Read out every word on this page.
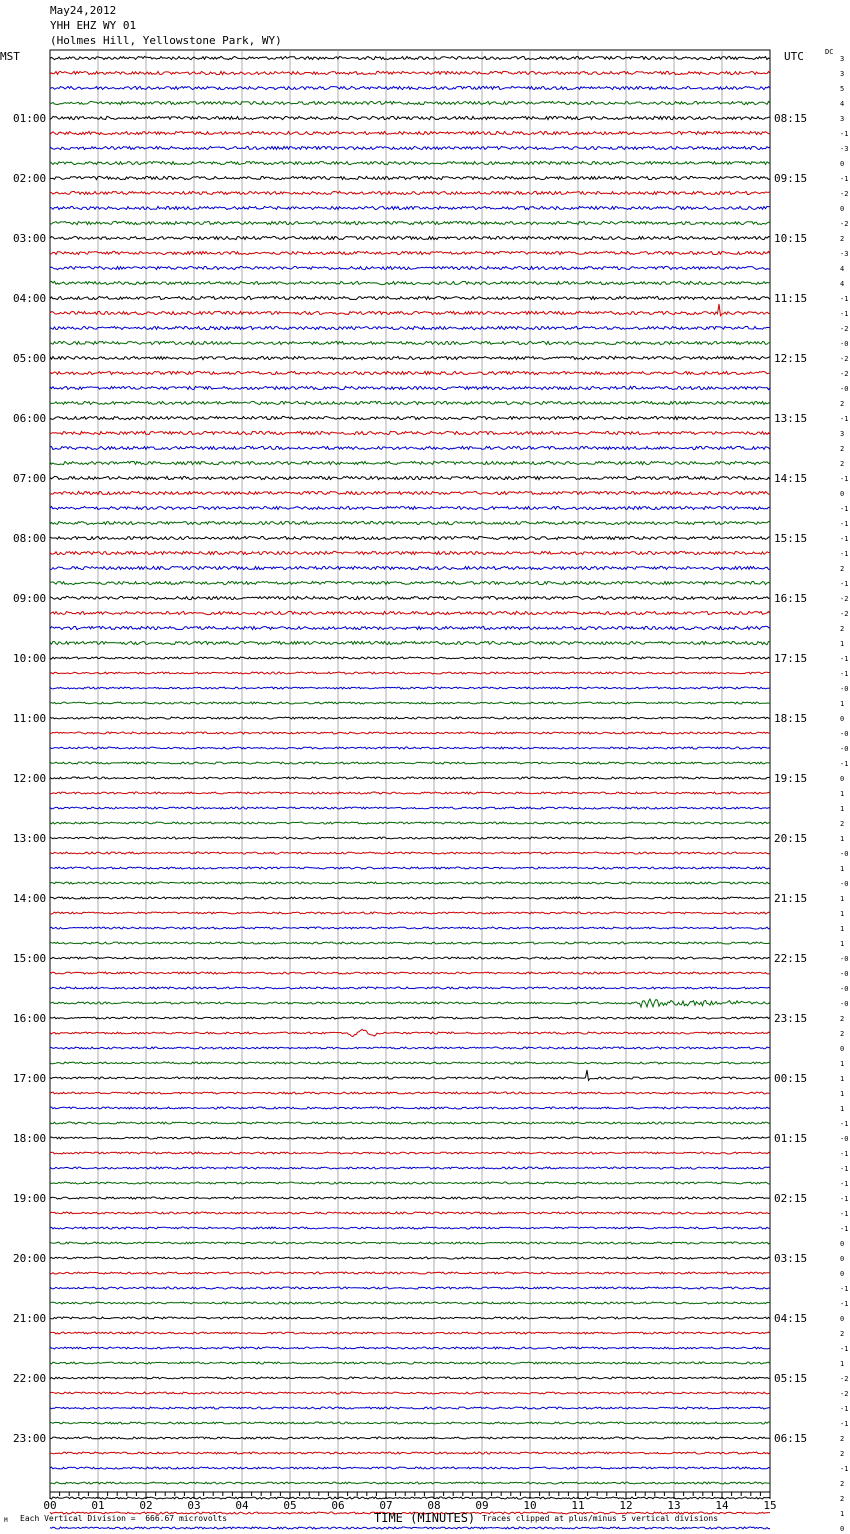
May24,2012
YHH EHZ WY 01
(Holmes Hill, Yellowstone Park, WY)
MST	UTC	DC
3
3
5
4
3
-1
-3
0
-1
-2
0
-2
2
-3
4
4
-1
-1
-2
-0
-2
-2
-0
2
-1
3
2
2
-1
0
-1
-1
-1
-1
2
-1
-2
-2
2
1
-1
-1
-0
1
0
-0
-0
-1
0
1
1
2
1
-0
1
-0
1
1
1
1
-0
-0
-0
-0
2
2
0
1
1
1
1
-1
-0
-1
-1
-1
-1
-1
-1
0
0
0
-1
-1
0
2
-1
1
-2
-2
-1
-1
2
2
-1
2
2
1
0
01:00
02:00
03:00
04:00
05:00
06:00
07:00
08:00
09:00
10:00
11:00
12:00
13:00
14:00
15:00
16:00
17:00
18:00
19:00
20:00
21:00
22:00
23:00
08:15
09:15
10:15
11:15
12:15
13:15
14:15
15:15
16:15
17:15
18:15
19:15
20:15
21:15
22:15
23:15
00:15
01:15
02:15
03:15
04:15
05:15
06:15
00	01	02	03	04	05	06	07	08	09	10	11	12	13	14	15
M Each Vertical Division =  666.67 microvolts	TIME (MINUTES) Traces clipped at plus/minus 5 vertical divisions
